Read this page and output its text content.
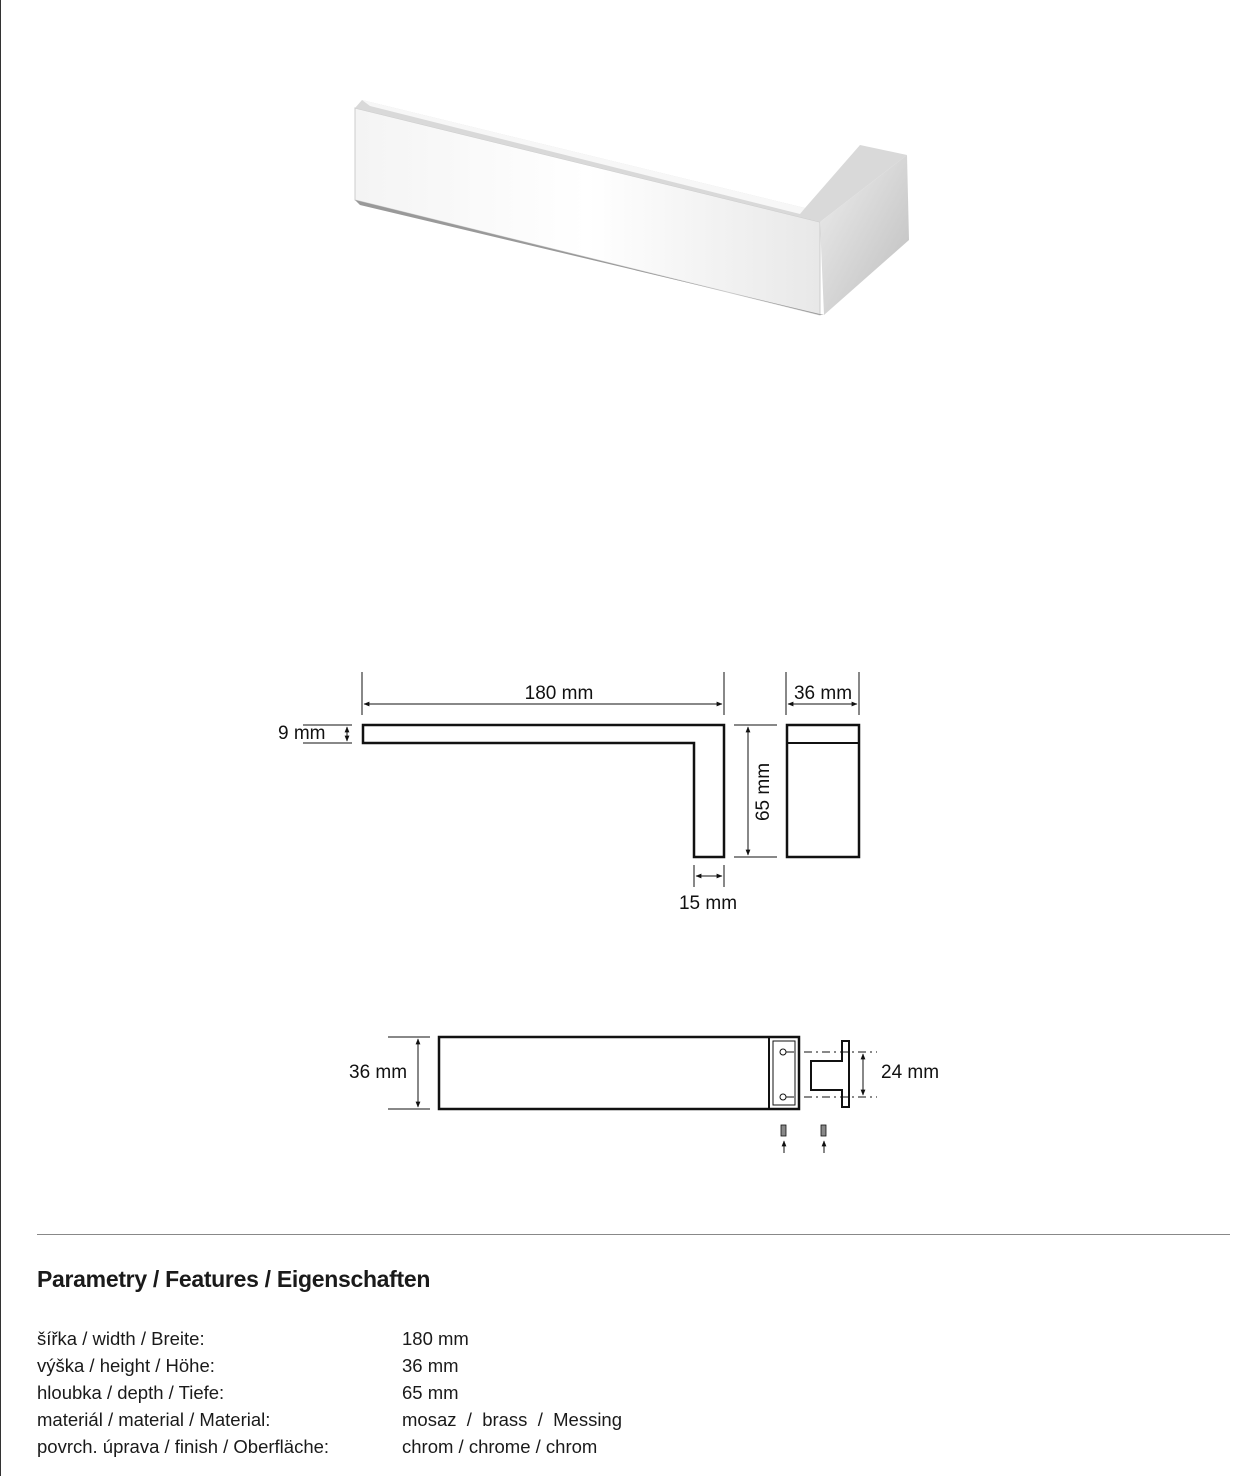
180 mm	36 mm
9 mm
65 mm
15 mm
36 mm	24 mm
Parametry / Features / Eigenschaften
šířka / width / Breite:	180 mm
výška / height / Höhe:	36 mm
hloubka / depth / Tiefe:	65 mm
materiál / material / Material:	mosaz  /  brass  /  Messing
povrch. úprava / finish / Oberfläche:	chrom / chrome / chrom
